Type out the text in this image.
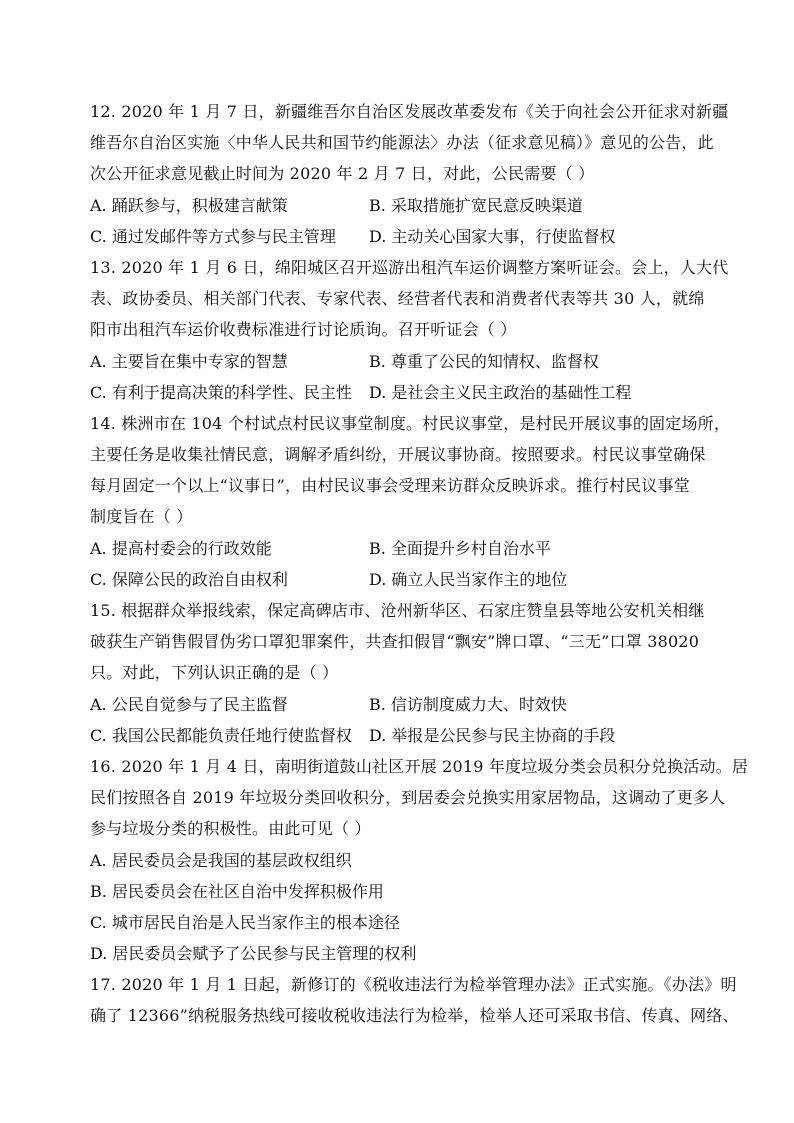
12. 2020 年 1 月 7 日，新疆维吾尔自治区发展改革委发布《关于向社会公开征求对新疆
维吾尔自治区实施〈中华人民共和国节约能源法〉办法（征求意见稿）》意见的公告，此
次公开征求意见截止时间为 2020 年 2 月 7 日，对此，公民需要（ ）
A. 踊跃参与，积极建言献策	B. 采取措施扩宽民意反映渠道
C. 通过发邮件等方式参与民主管理	D. 主动关心国家大事，行使监督权
13. 2020 年 1 月 6 日，绵阳城区召开巡游出租汽车运价调整方案听证会。会上，人大代
表、政协委员、相关部门代表、专家代表、经营者代表和消费者代表等共 30 人，就绵
阳市出租汽车运价收费标准进行讨论质询。召开听证会（ ）
A. 主要旨在集中专家的智慧	B. 尊重了公民的知情权、监督权
C. 有利于提高决策的科学性、民主性	D. 是社会主义民主政治的基础性工程
14. 株洲市在 104 个村试点村民议事堂制度。村民议事堂，是村民开展议事的固定场所，
主要任务是收集社情民意，调解矛盾纠纷，开展议事协商。按照要求。村民议事堂确保
每月固定一个以上“议事日”，由村民议事会受理来访群众反映诉求。推行村民议事堂
制度旨在（ ）
A. 提高村委会的行政效能	B. 全面提升乡村自治水平
C. 保障公民的政治自由权利	D. 确立人民当家作主的地位
15. 根据群众举报线索，保定高碑店市、沧州新华区、石家庄赞皇县等地公安机关相继
破获生产销售假冒伪劣口罩犯罪案件，共查扣假冒“飘安”牌口罩、“三无”口罩 38020
只。对此，下列认识正确的是（ ）
A. 公民自觉参与了民主监督	B. 信访制度威力大、时效快
C. 我国公民都能负责任地行使监督权	D. 举报是公民参与民主协商的手段
16. 2020 年 1 月 4 日，南明街道鼓山社区开展 2019 年度垃圾分类会员积分兑换活动。居
民们按照各自 2019 年垃圾分类回收积分，到居委会兑换实用家居物品，这调动了更多人
参与垃圾分类的积极性。由此可见（ ）
A. 居民委员会是我国的基层政权组织
B. 居民委员会在社区自治中发挥积极作用
C. 城市居民自治是人民当家作主的根本途径
D. 居民委员会赋予了公民参与民主管理的权利
17. 2020 年 1 月 1 日起，新修订的《税收违法行为检举管理办法》正式实施。《办法》明
确了 12366”纳税服务热线可接收税收违法行为检举，检举人还可采取书信、传真、网络、
